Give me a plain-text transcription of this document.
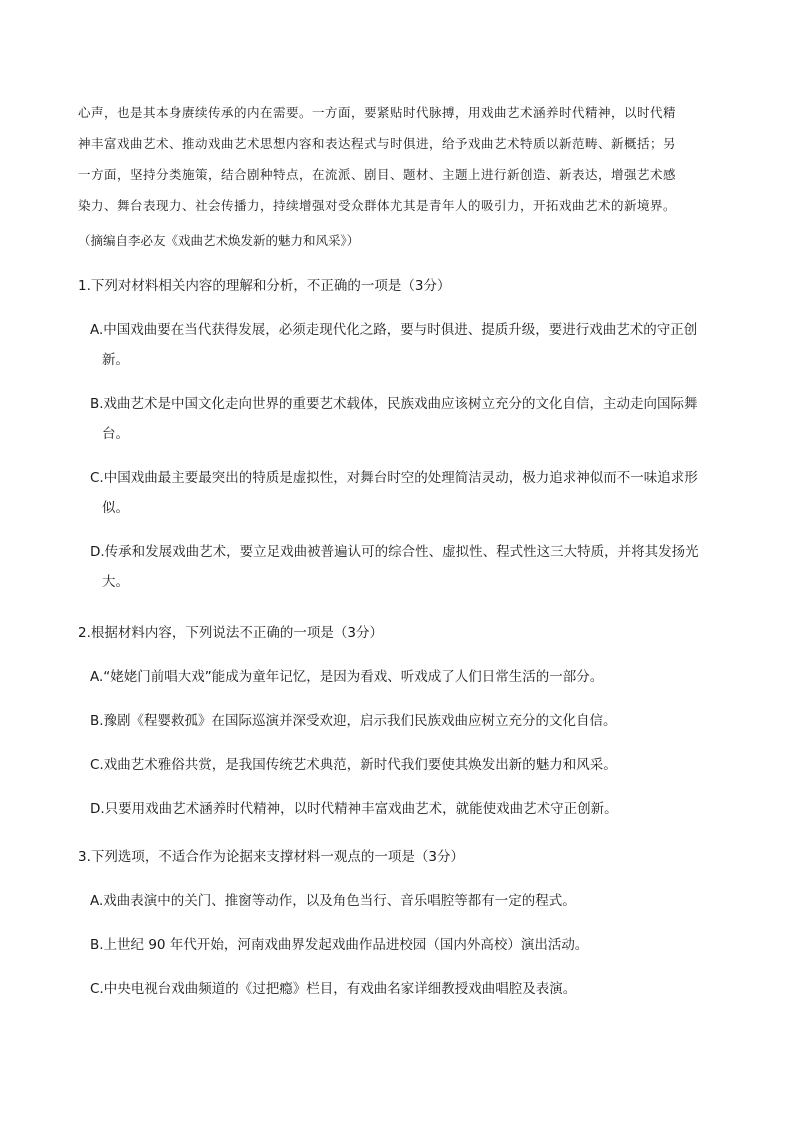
心声，也是其本身赓续传承的内在需要。一方面，要紧贴时代脉搏，用戏曲艺术涵养时代精神，以时代精
神丰富戏曲艺术、推动戏曲艺术思想内容和表达程式与时俱进，给予戏曲艺术特质以新范畴、新概括；另
一方面，坚持分类施策，结合剧种特点，在流派、剧目、题材、主题上进行新创造、新表达，增强艺术感
染力、舞台表现力、社会传播力，持续增强对受众群体尤其是青年人的吸引力，开拓戏曲艺术的新境界。
（摘编自李必友《戏曲艺术焕发新的魅力和风采》）
1.下列对材料相关内容的理解和分析，不正确的一项是（3分）
A.中国戏曲要在当代获得发展，必须走现代化之路，要与时俱进、提质升级，要进行戏曲艺术的守正创
新。
B.戏曲艺术是中国文化走向世界的重要艺术载体，民族戏曲应该树立充分的文化自信，主动走向国际舞
台。
C.中国戏曲最主要最突出的特质是虚拟性，对舞台时空的处理简洁灵动，极力追求神似而不一味追求形
似。
D.传承和发展戏曲艺术，要立足戏曲被普遍认可的综合性、虚拟性、程式性这三大特质，并将其发扬光
大。
2.根据材料内容，下列说法不正确的一项是（3分）
A.“姥姥门前唱大戏”能成为童年记忆，是因为看戏、听戏成了人们日常生活的一部分。
B.豫剧《程婴救孤》在国际巡演并深受欢迎，启示我们民族戏曲应树立充分的文化自信。
C.戏曲艺术雅俗共赏，是我国传统艺术典范，新时代我们要使其焕发出新的魅力和风采。
D.只要用戏曲艺术涵养时代精神，以时代精神丰富戏曲艺术，就能使戏曲艺术守正创新。
3.下列选项，不适合作为论据来支撑材料一观点的一项是（3分）
A.戏曲表演中的关门、推窗等动作，以及角色当行、音乐唱腔等都有一定的程式。
B.上世纪 90 年代开始，河南戏曲界发起戏曲作品进校园（国内外高校）演出活动。
C.中央电视台戏曲频道的《过把瘾》栏目，有戏曲名家详细教授戏曲唱腔及表演。
